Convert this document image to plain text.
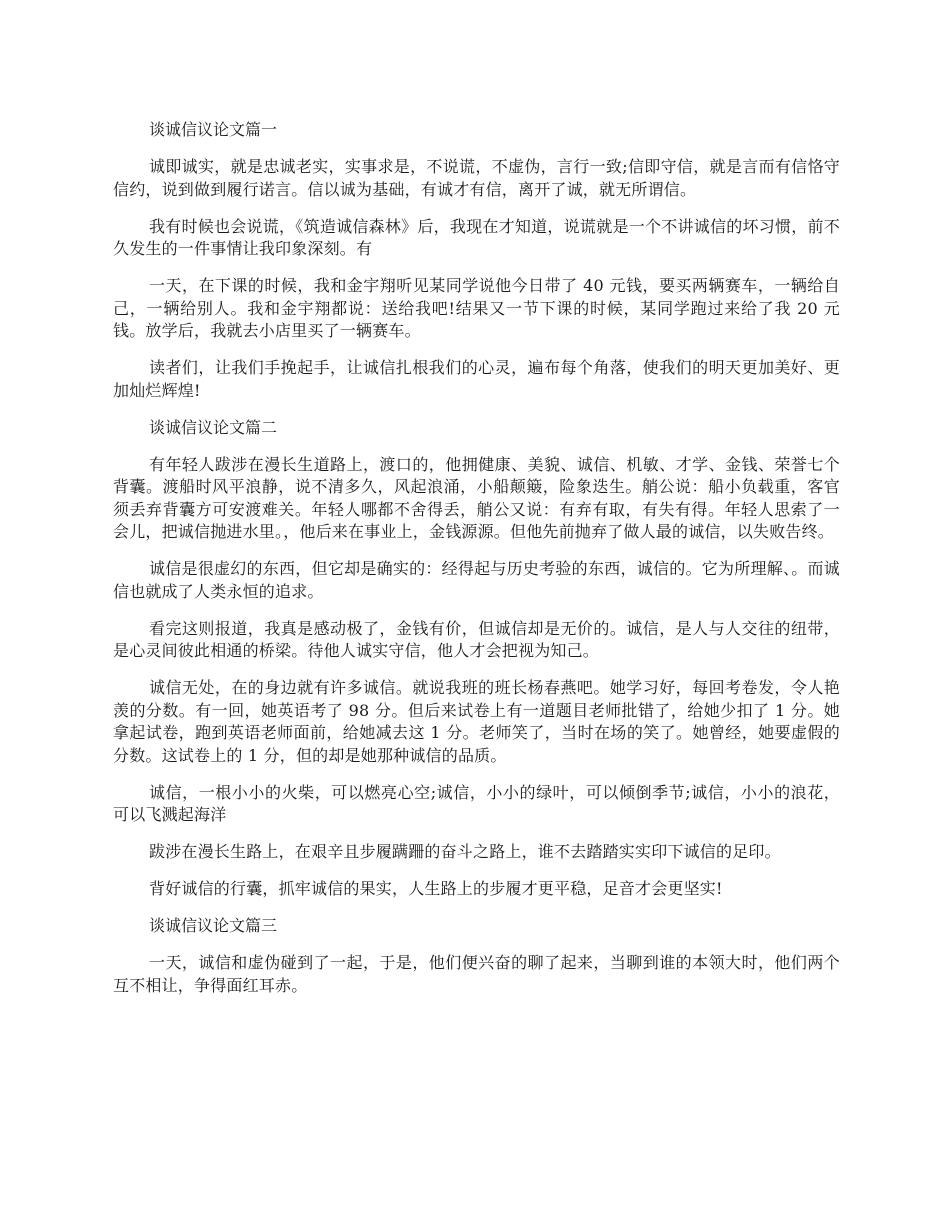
谈诚信议论文篇一

诚即诚实，就是忠诚老实，实事求是，不说谎，不虚伪，言行一致;信即守信，就是言而有信恪守信约，说到做到履行诺言。信以诚为基础，有诚才有信，离开了诚，就无所谓信。

我有时候也会说谎，《筑造诚信森林》后，我现在才知道，说谎就是一个不讲诚信的坏习惯，前不久发生的一件事情让我印象深刻。有

一天，在下课的时候，我和金宇翔听见某同学说他今日带了 40 元钱，要买两辆赛车，一辆给自己，一辆给别人。我和金宇翔都说：送给我吧!结果又一节下课的时候，某同学跑过来给了我 20 元钱。放学后，我就去小店里买了一辆赛车。

读者们，让我们手挽起手，让诚信扎根我们的心灵，遍布每个角落，使我们的明天更加美好、更加灿烂辉煌!

谈诚信议论文篇二

有年轻人跋涉在漫长生道路上，渡口的，他拥健康、美貌、诚信、机敏、才学、金钱、荣誉七个背囊。渡船时风平浪静，说不清多久，风起浪涌，小船颠簸，险象迭生。艄公说：船小负载重，客官须丢弃背囊方可安渡难关。年轻人哪都不舍得丢，艄公又说：有弃有取，有失有得。年轻人思索了一会儿，把诚信抛进水里。，他后来在事业上，金钱源源。但他先前抛弃了做人最的诚信，以失败告终。

诚信是很虚幻的东西，但它却是确实的：经得起与历史考验的东西，诚信的。它为所理解、。而诚信也就成了人类永恒的追求。

看完这则报道，我真是感动极了，金钱有价，但诚信却是无价的。诚信，是人与人交往的纽带，是心灵间彼此相通的桥梁。待他人诚实守信，他人才会把视为知己。

诚信无处，在的身边就有许多诚信。就说我班的班长杨春燕吧。她学习好，每回考卷发，令人艳羡的分数。有一回，她英语考了 98 分。但后来试卷上有一道题目老师批错了，给她少扣了 1 分。她拿起试卷，跑到英语老师面前，给她减去这 1 分。老师笑了，当时在场的笑了。她曾经，她要虚假的分数。这试卷上的 1 分，但的却是她那种诚信的品质。

诚信，一根小小的火柴，可以燃亮心空;诚信，小小的绿叶，可以倾倒季节;诚信，小小的浪花，可以飞溅起海洋

跋涉在漫长生路上，在艰辛且步履蹒跚的奋斗之路上，谁不去踏踏实实印下诚信的足印。

背好诚信的行囊，抓牢诚信的果实，人生路上的步履才更平稳，足音才会更坚实!

谈诚信议论文篇三

一天，诚信和虚伪碰到了一起，于是，他们便兴奋的聊了起来，当聊到谁的本领大时，他们两个互不相让，争得面红耳赤。
